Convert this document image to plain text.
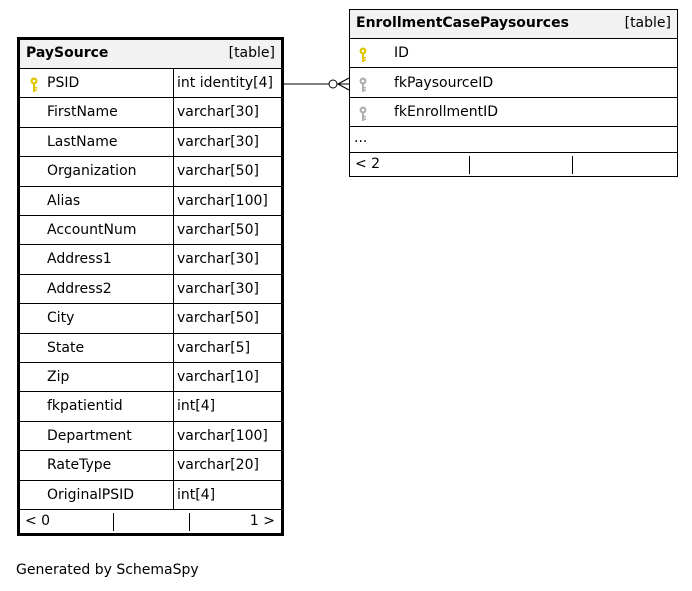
PaySource	[table]
PSID	int identity[4]
FirstName	varchar[30]
LastName	varchar[30]
Organization	varchar[50]
Alias	varchar[100]
AccountNum	varchar[50]
Address1	varchar[30]
Address2	varchar[30]
City	varchar[50]
State	varchar[5]
Zip	varchar[10]
fkpatientid	int[4]
Department	varchar[100]
RateType	varchar[20]
OriginalPSID	int[4]
< 0	1 >
EnrollmentCasePaysources	[table]
ID
fkPaysourceID
fkEnrollmentID
...
< 2
Generated by SchemaSpy
